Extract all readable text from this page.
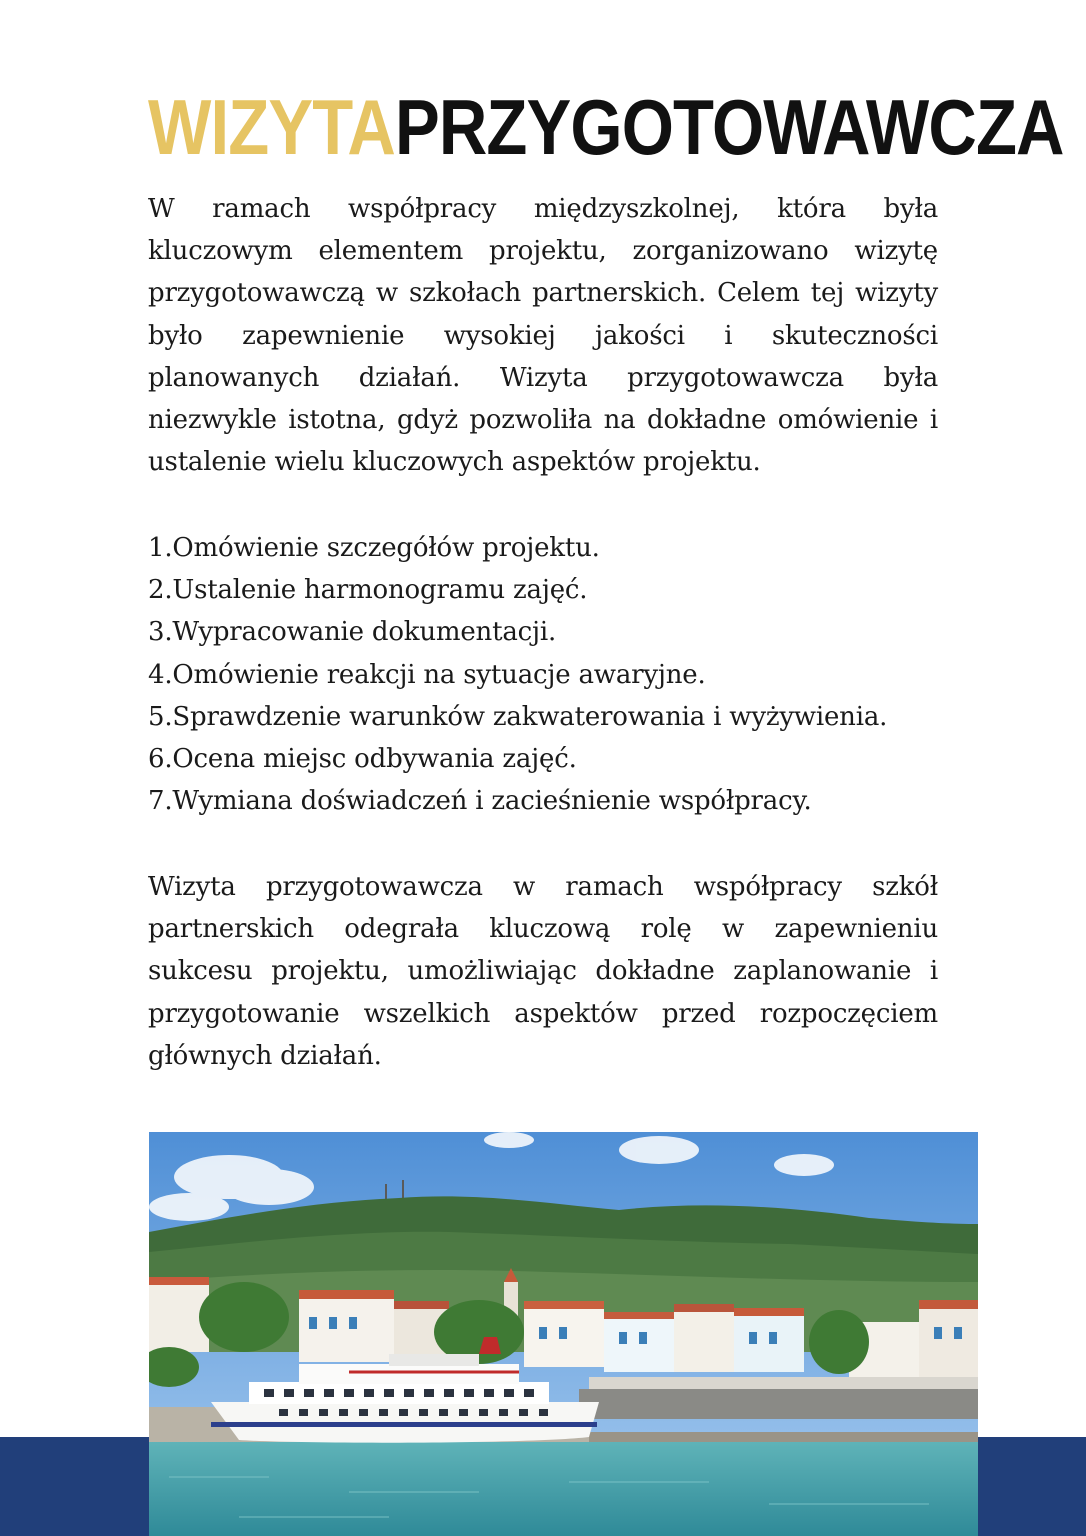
WIZYTAPRZYGOTOWAWCZA

W ramach współpracy międzyszkolnej, która była kluczowym elementem projektu, zorganizowano wizytę przygotowawczą w szkołach partnerskich. Celem tej wizyty było zapewnienie wysokiej jakości i skuteczności planowanych działań. Wizyta przygotowawcza była niezwykle istotna, gdyż pozwoliła na dokładne omówienie i ustalenie wielu kluczowych aspektów projektu.

1.Omówienie szczegółów projektu.
2.Ustalenie harmonogramu zajęć.
3.Wypracowanie dokumentacji.
4.Omówienie reakcji na sytuacje awaryjne.
5.Sprawdzenie warunków zakwaterowania i wyżywienia.
6.Ocena miejsc odbywania zajęć.
7.Wymiana doświadczeń i zacieśnienie współpracy.

Wizyta przygotowawcza w ramach współpracy szkół partnerskich odegrała kluczową rolę w zapewnieniu sukcesu projektu, umożliwiając dokładne zaplanowanie i przygotowanie wszelkich aspektów przed rozpoczęciem głównych działań.
